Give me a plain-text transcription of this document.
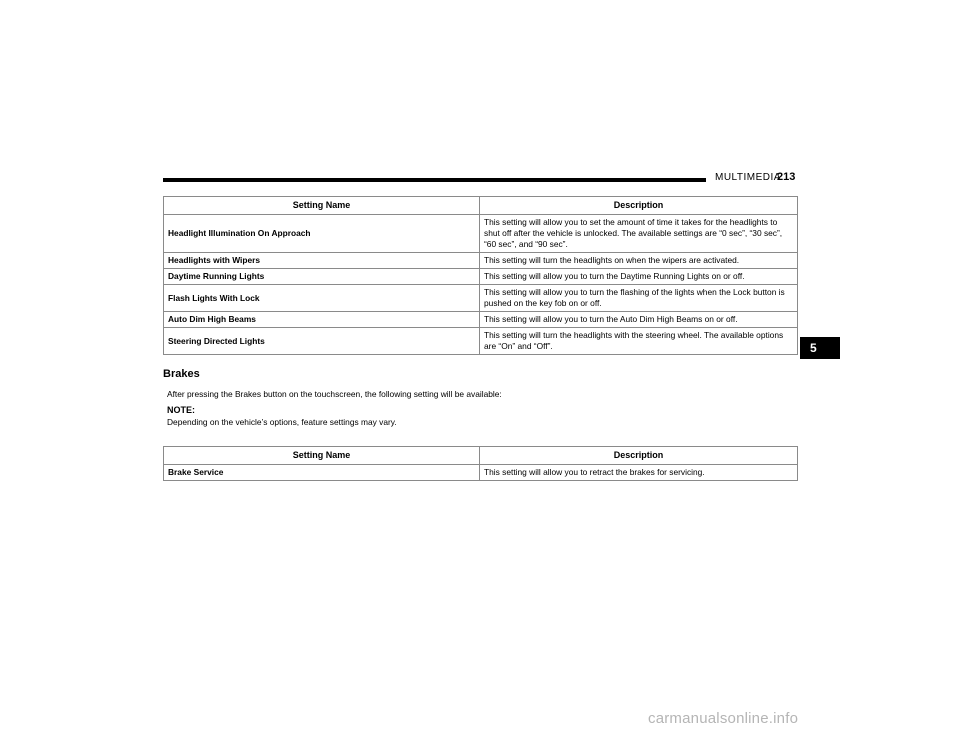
MULTIMEDIA
213
Setting Name	Description
Headlight Illumination On Approach	This setting will allow you to set the amount of time it takes for the headlights to shut off after the vehicle is unlocked. The available settings are “0 sec”, “30 sec”, “60 sec”, and “90 sec”.
Headlights with Wipers	This setting will turn the headlights on when the wipers are activated.
Daytime Running Lights	This setting will allow you to turn the Daytime Running Lights on or off.
Flash Lights With Lock	This setting will allow you to turn the flashing of the lights when the Lock button is pushed on the key fob on or off.
Auto Dim High Beams	This setting will allow you to turn the Auto Dim High Beams on or off.
Steering Directed Lights	This setting will turn the headlights with the steering wheel. The available options are “On” and “Off”.	5
Brakes
After pressing the Brakes button on the touchscreen, the following setting will be available:
NOTE:
Depending on the vehicle’s options, feature settings may vary.
Setting Name	Description
Brake Service	This setting will allow you to retract the brakes for servicing.
carmanualsonline.info
